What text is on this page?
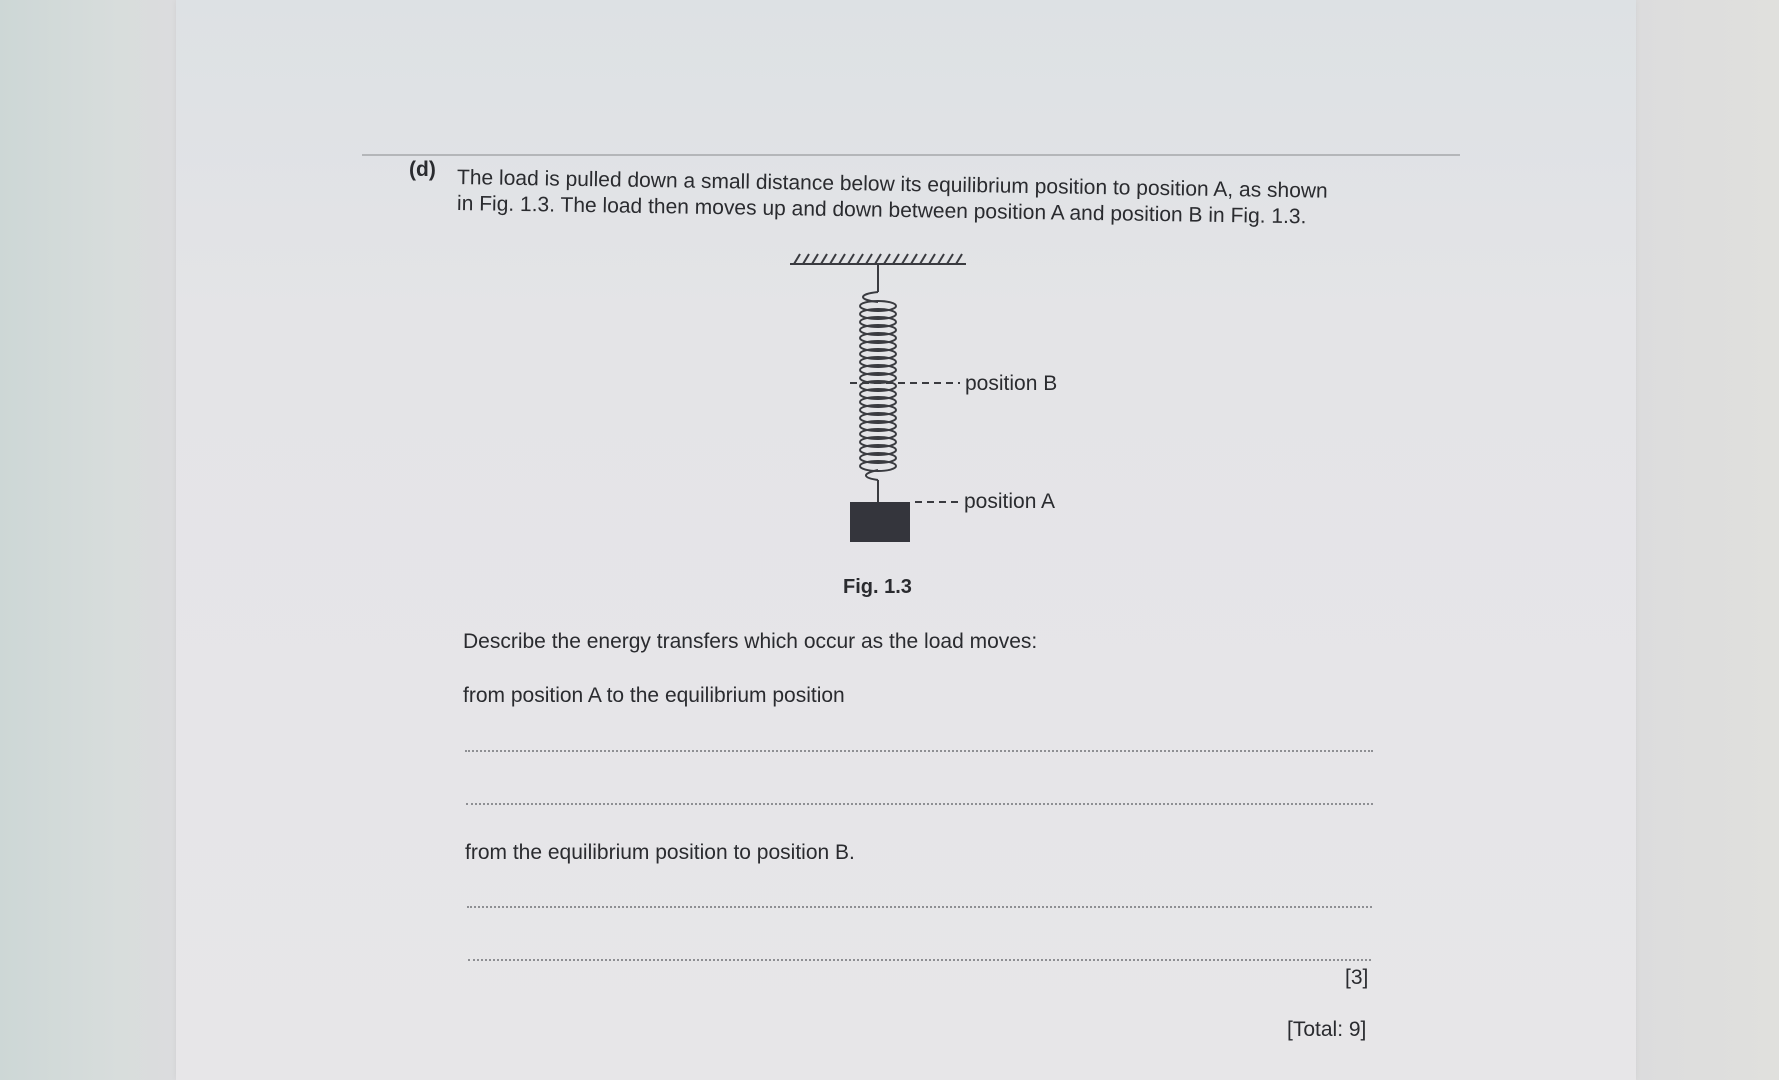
(d) The load is pulled down a small distance below its equilibrium position to position A, as shown
in Fig. 1.3. The load then moves up and down between position A and position B in Fig. 1.3.
position B
position A
Fig. 1.3
Describe the energy transfers which occur as the load moves:
from position A to the equilibrium position
from the equilibrium position to position B.
[3]
[Total: 9]
